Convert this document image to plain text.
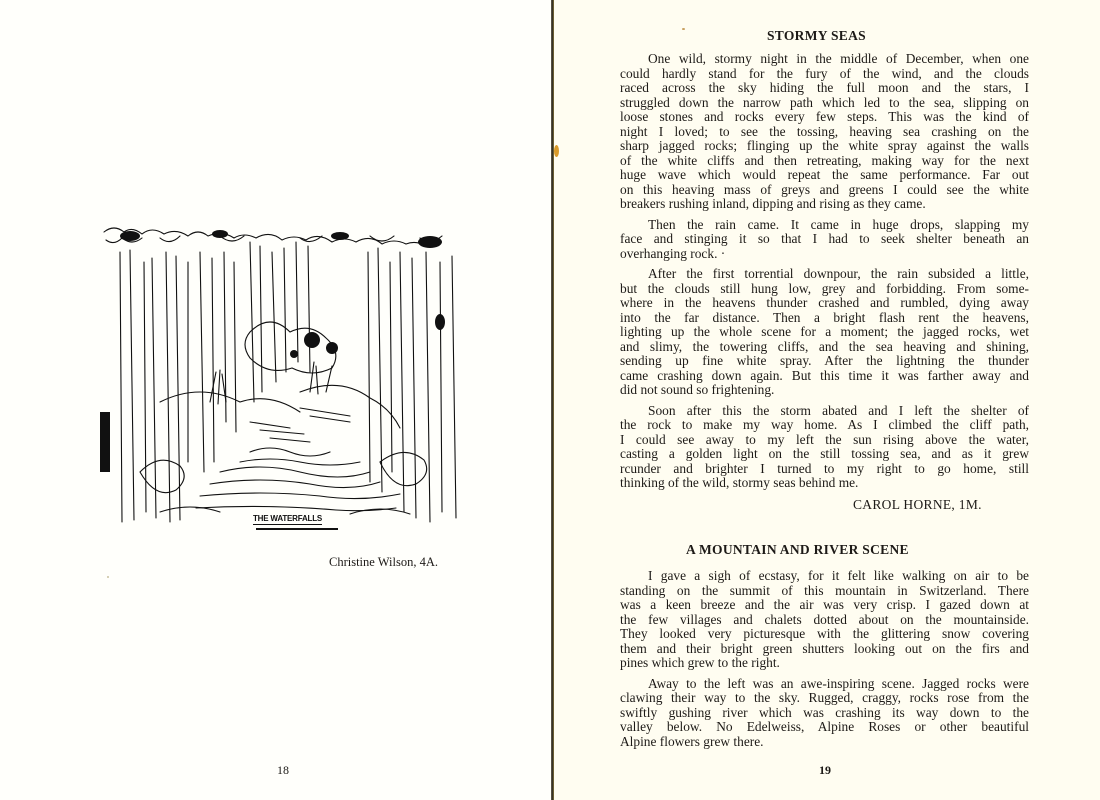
THE WATERFALLS
Christine Wilson, 4A.
18
STORMY SEAS
One wild, stormy night in the middle of December, when one
could hardly stand for the fury of the wind, and the clouds
raced across the sky hiding the full moon and the stars, I
struggled down the narrow path which led to the sea, slipping on
loose stones and rocks every few steps. This was the kind of
night I loved; to see the tossing, heaving sea crashing on the
sharp jagged rocks; flinging up the white spray against the walls
of the white cliffs and then retreating, making way for the next
huge wave which would repeat the same performance. Far out
on this heaving mass of greys and greens I could see the white
breakers rushing inland, dipping and rising as they came.
Then the rain came. It came in huge drops, slapping my
face and stinging it so that I had to seek shelter beneath an
overhanging rock. ·
After the first torrential downpour, the rain subsided a little,
but the clouds still hung low, grey and forbidding. From some-
where in the heavens thunder crashed and rumbled, dying away
into the far distance. Then a bright flash rent the heavens,
lighting up the whole scene for a moment; the jagged rocks, wet
and slimy, the towering cliffs, and the sea heaving and shining,
sending up fine white spray. After the lightning the thunder
came crashing down again. But this time it was farther away and
did not sound so frightening.
Soon after this the storm abated and I left the shelter of
the rock to make my way home. As I climbed the cliff path,
I could see away to my left the sun rising above the water,
casting a golden light on the still tossing sea, and as it grew
rcunder and brighter I turned to my right to go home, still
thinking of the wild, stormy seas behind me.
CAROL HORNE, 1M.
A MOUNTAIN AND RIVER SCENE
I gave a sigh of ecstasy, for it felt like walking on air to be
standing on the summit of this mountain in Switzerland. There
was a keen breeze and the air was very crisp. I gazed down at
the few villages and chalets dotted about on the mountainside.
They looked very picturesque with the glittering snow covering
them and their bright green shutters looking out on the firs and
pines which grew to the right.
Away to the left was an awe-inspiring scene. Jagged rocks were
clawing their way to the sky. Rugged, craggy, rocks rose from the
swiftly gushing river which was crashing its way down to the
valley below. No Edelweiss, Alpine Roses or other beautiful
Alpine flowers grew there.
19
